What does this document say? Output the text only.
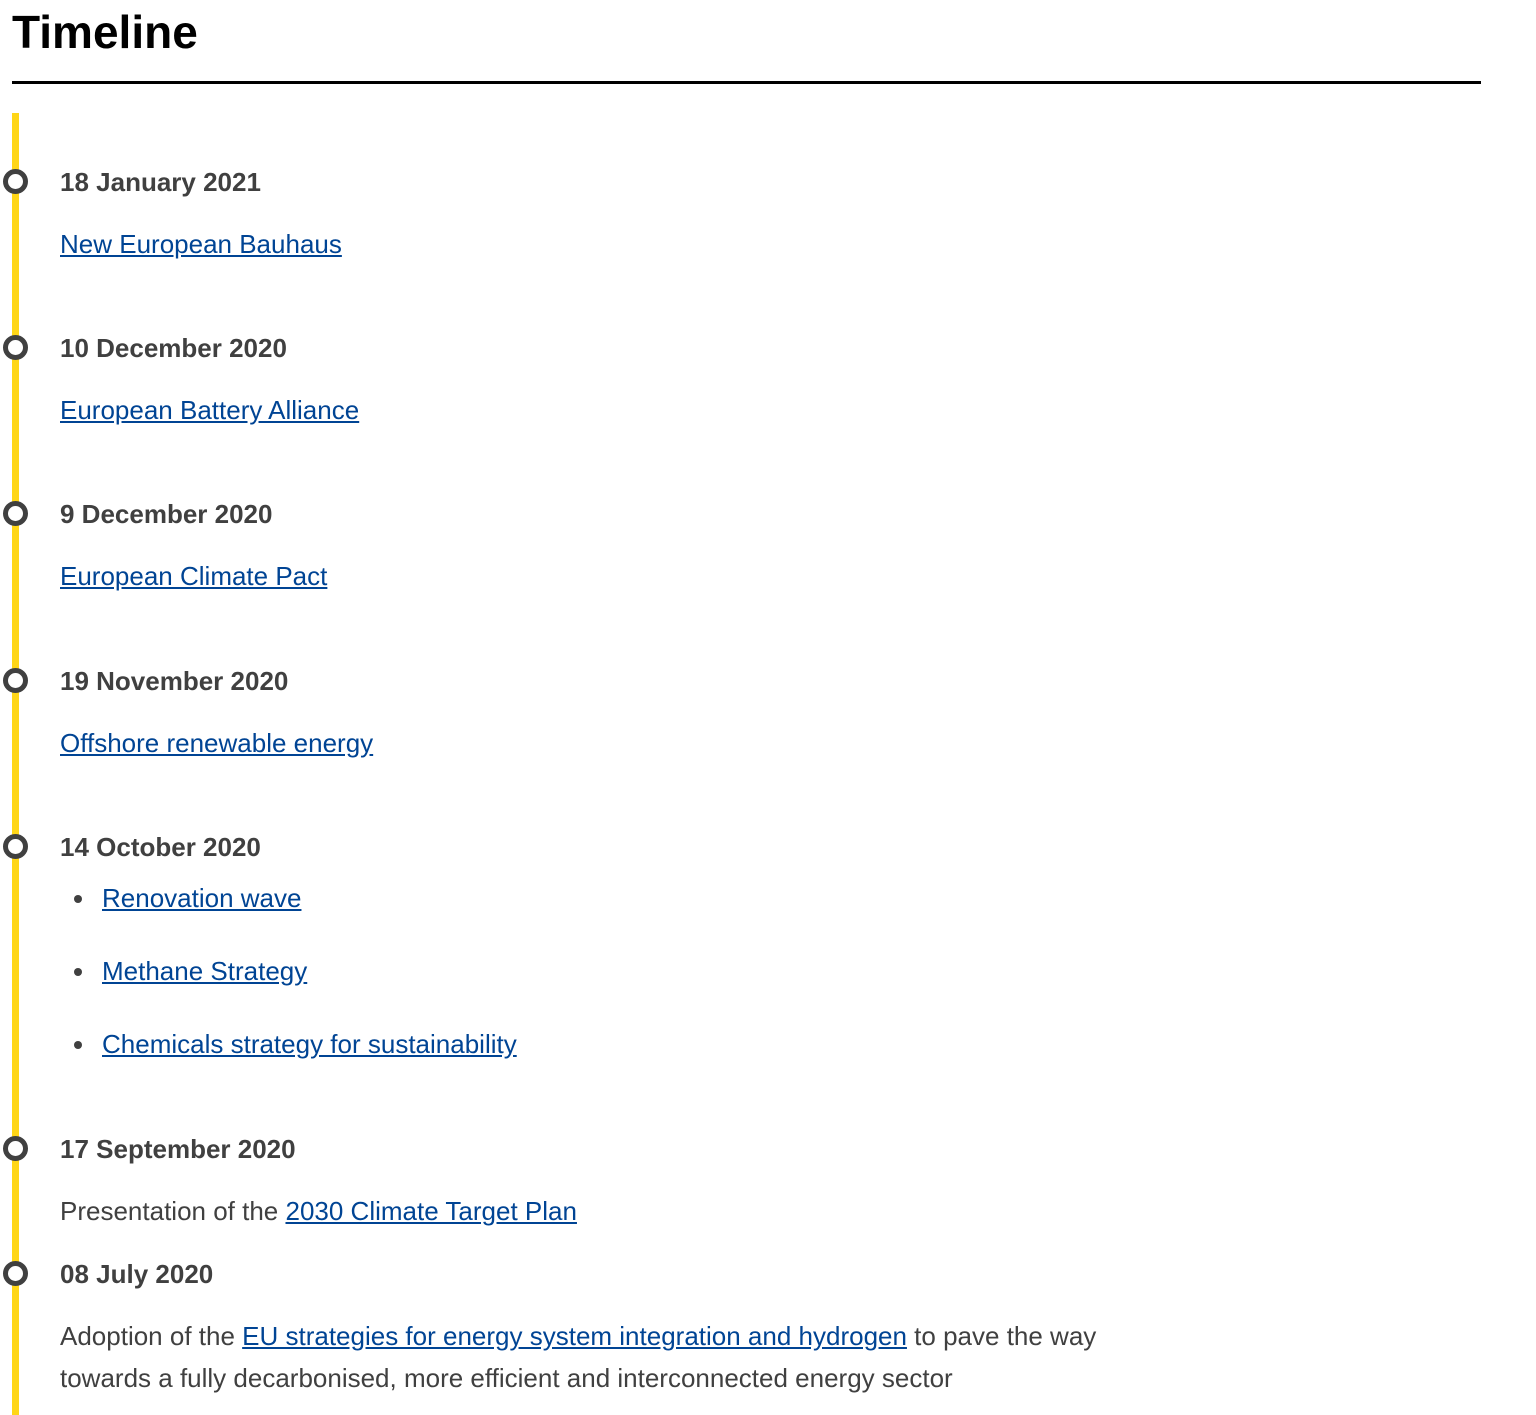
Timeline
18 January 2021
New European Bauhaus
10 December 2020
European Battery Alliance
9 December 2020
European Climate Pact
19 November 2020
Offshore renewable energy
14 October 2020
Renovation wave
Methane Strategy
Chemicals strategy for sustainability
17 September 2020
Presentation of the 2030 Climate Target Plan
08 July 2020
Adoption of the EU strategies for energy system integration and hydrogen to pave the way
towards a fully decarbonised, more efficient and interconnected energy sector
